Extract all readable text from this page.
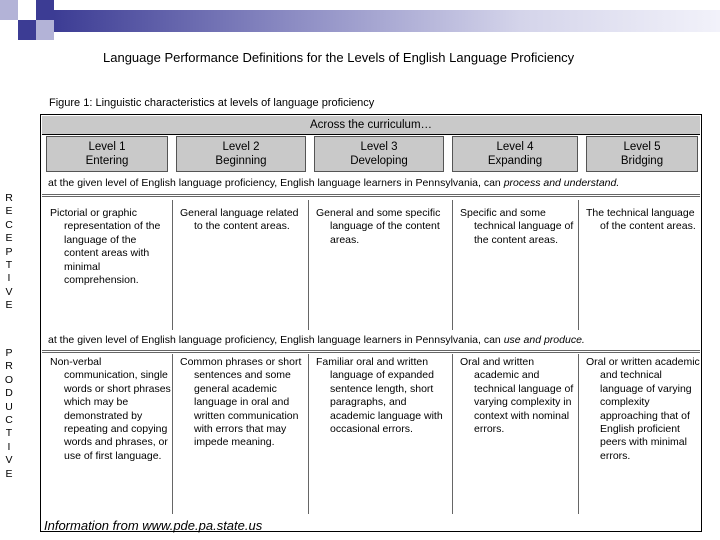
Language Performance Definitions for the Levels of English Language Proficiency
Figure 1: Linguistic characteristics at levels of language proficiency
Across the curriculum…
Level 1
Entering
Level 2
Beginning
Level 3
Developing
Level 4
Expanding
Level 5
Bridging
R
E
C
E
P
T
I
V
E
at the given level of English language proficiency, English language learners in Pennsylvania, can process and understand.
Pictorial or graphic representation of the language of the content areas with minimal comprehension.
General language related to the content areas.
General and some specific language of the content areas.
Specific and some technical language of the content areas.
The technical language of the content areas.
P
R
O
D
U
C
T
I
V
E
at the given level of English language proficiency, English language learners in Pennsylvania, can use and produce.
Non-verbal communication, single words or short phrases which may be demonstrated by repeating and copying words and phrases, or use of first language.
Common phrases or short sentences and some general academic language in oral and written communication with errors that may impede meaning.
Familiar oral and written language of expanded sentence length, short paragraphs, and academic language with occasional errors.
Oral and written academic and technical language of varying complexity in context with nominal errors.
Oral or written academic and technical language of varying complexity approaching that of English proficient peers with minimal errors.
Information from www.pde.pa.state.us
